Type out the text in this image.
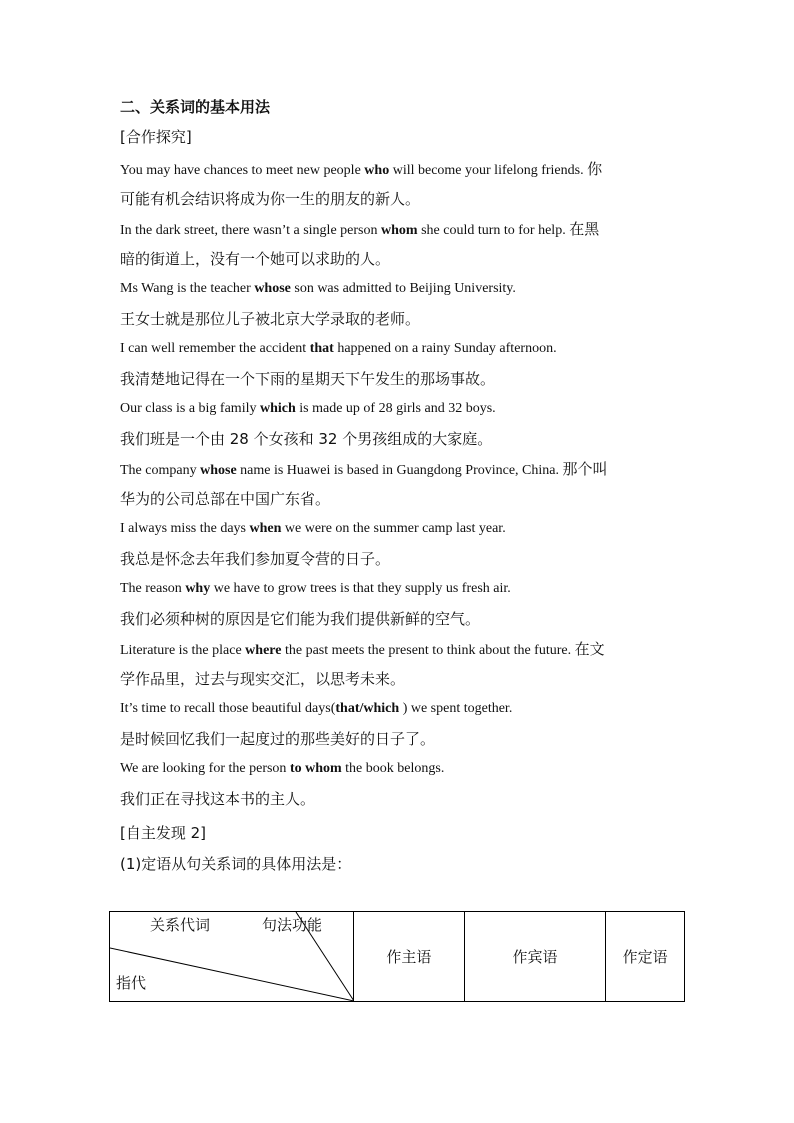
二、关系词的基本用法
[合作探究]
You may have chances to meet new people who will become your lifelong friends. 你
可能有机会结识将成为你一生的朋友的新人。
In the dark street, there wasn’t a single person whom she could turn to for help. 在黑
暗的街道上，没有一个她可以求助的人。
Ms Wang is the teacher whose son was admitted to Beijing University.
王女士就是那位儿子被北京大学录取的老师。
I can well remember the accident that happened on a rainy Sunday afternoon.
我清楚地记得在一个下雨的星期天下午发生的那场事故。
Our class is a big family which is made up of 28 girls and 32 boys.
我们班是一个由 28 个女孩和 32 个男孩组成的大家庭。
The company whose name is Huawei is based in Guangdong Province, China. 那个叫
华为的公司总部在中国广东省。
I always miss the days when we were on the summer camp last year.
我总是怀念去年我们参加夏令营的日子。
The reason why we have to grow trees is that they supply us fresh air.
我们必须种树的原因是它们能为我们提供新鲜的空气。
Literature is the place where the past meets the present to think about the future. 在文
学作品里，过去与现实交汇，以思考未来。
It’s time to recall those beautiful days(that/which ) we spent together.
是时候回忆我们一起度过的那些美好的日子了。
We are looking for the person to whom the book belongs.
我们正在寻找这本书的主人。
[自主发现 2]
(1)定语从句关系词的具体用法是：
关系代词	句法功能
指代
	作主语	作宾语	作定语
